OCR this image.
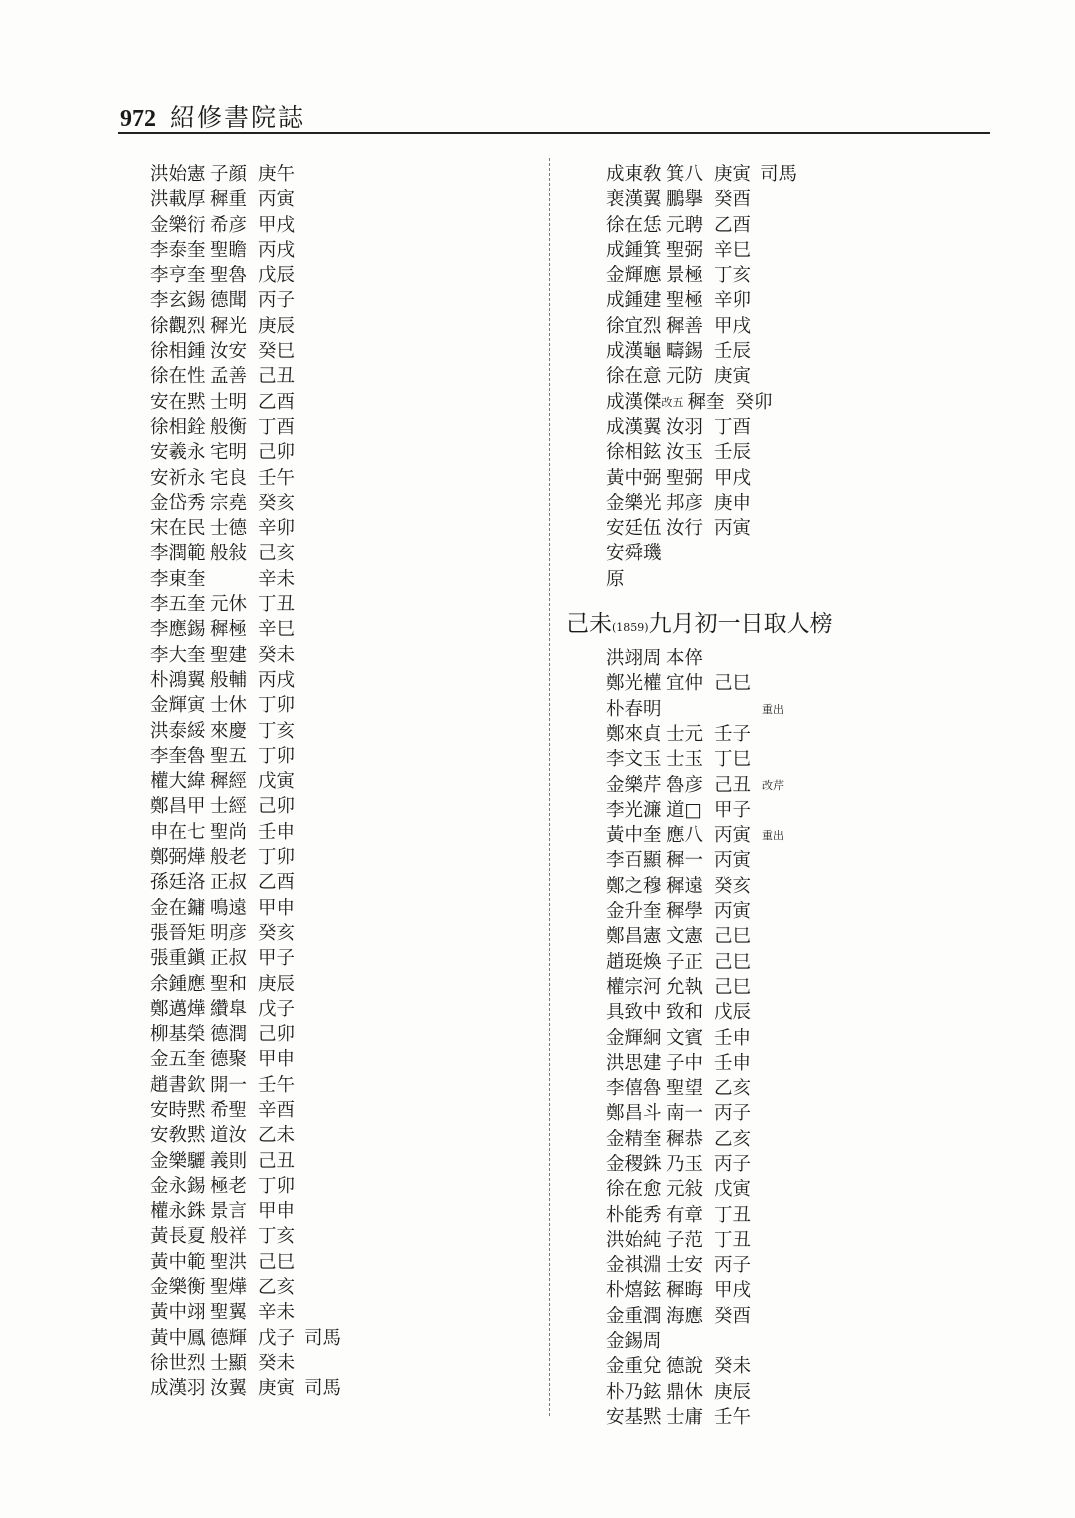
972 紹修書院誌
洪始憲 子顔 庚午
洪載厚 穉重 丙寅
金樂衍 希彦 甲戌
李泰奎 聖瞻 丙戌
李亨奎 聖魯 戊辰
李玄錫 德聞 丙子
徐觀烈 穉光 庚辰
徐相鍾 汝安 癸巳
徐在性 孟善 己丑
安在黙 士明 乙酉
徐相銓 般衡 丁酉
安羲永 宅明 己卯
安祈永 宅良 壬午
金岱秀 宗堯 癸亥
宋在民 士德 辛卯
李潤範 般敍 己亥
李東奎	辛未
李五奎 元休 丁丑
李應錫 穉極 辛巳
李大奎 聖建 癸未
朴鴻翼 般輔 丙戌
金輝寅 士休 丁卯
洪泰綏 來慶 丁亥
李奎魯 聖五 丁卯
權大緯 穉經 戊寅
鄭昌甲 士經 己卯
申在七 聖尚 壬申
鄭弼燁 般老 丁卯
孫廷洛 正叔 乙酉
金在鏞 鳴遠 甲申
張晉矩 明彦 癸亥
張重鎭 正叔 甲子
余鍾應 聖和 庚辰
鄭邁燁 纘臯 戊子
柳基榮 德潤 己卯
金五奎 德聚 甲申
趙書欽 開一 壬午
安時黙 希聖 辛酉
安敎黙 道汝 乙未
金樂驪 義則 己丑
金永錫 極老 丁卯
權永銖 景言 甲申
黃長夏 般祥 丁亥
黃中範 聖洪 己巳
金樂衡 聖燁 乙亥
黃中翊 聖翼 辛未
黃中鳳 德輝 戊子 司馬
徐世烈 士顯 癸未
成漢羽 汝翼 庚寅 司馬
成東敎 箕八 庚寅 司馬
裵漢翼 鵬擧 癸酉
徐在恁 元聘 乙酉
成鍾箕 聖弼 辛巳
金輝應 景極 丁亥
成鍾建 聖極 辛卯
徐宜烈 穉善 甲戌
成漢龜 疇錫 壬辰
徐在意 元防 庚寅
成漢傑 改五 穉奎 癸卯
成漢翼 汝羽 丁酉
徐相鉉 汝玉 壬辰
黃中弼 聖弼 甲戌
金樂光 邦彦 庚申
安廷伍 汝行 丙寅
安舜璣
原
己未(1859)九月初一日取人榜
洪翊周 本倅
鄭光權 宜仲 己巳
朴春明	重出
鄭來貞 士元 壬子
李文玉 士玉 丁巳
金樂芹 魯彦 己丑 改芹
李光濂 道□ 甲子
黃中奎 應八 丙寅 重出
李百顯 穉一 丙寅
鄭之穆 穉遠 癸亥
金升奎 穉學 丙寅
鄭昌憲 文憲 己巳
趙珽煥 子正 己巳
權宗河 允執 己巳
具致中 致和 戊辰
金輝絅 文賓 壬申
洪思建 子中 壬申
李僖魯 聖望 乙亥
鄭昌斗 南一 丙子
金精奎 穉恭 乙亥
金稷銖 乃玉 丙子
徐在愈 元敍 戊寅
朴能秀 有章 丁丑
洪始純 子范 丁丑
金祺淵 士安 丙子
朴熺鉉 穉晦 甲戌
金重潤 海應 癸酉
金錫周
金重兌 德說 癸未
朴乃鉉 鼎休 庚辰
安基黙 士庸 壬午
